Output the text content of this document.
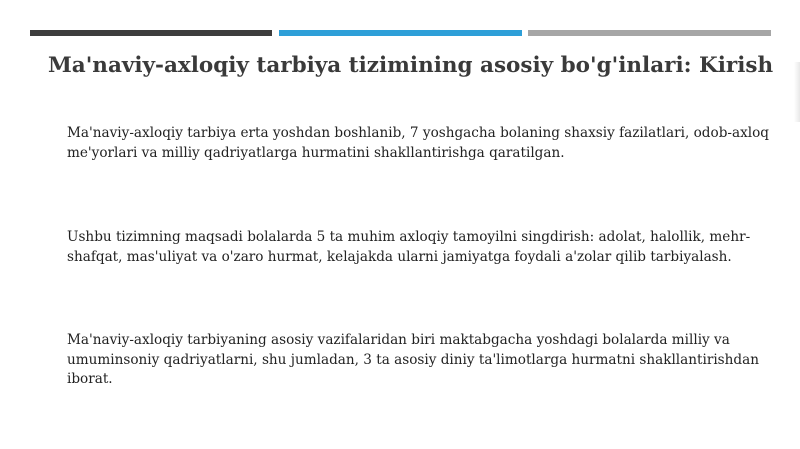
Ma'naviy-axloqiy tarbiya tizimining asosiy bo'g'inlari: Kirish

Ma'naviy-axloqiy tarbiya erta yoshdan boshlanib, 7 yoshgacha bolaning shaxsiy fazilatlari, odob-axloq me'yorlari va milliy qadriyatlarga hurmatini shakllantirishga qaratilgan.

Ushbu tizimning maqsadi bolalarda 5 ta muhim axloqiy tamoyilni singdirish: adolat, halollik, mehr-shafqat, mas'uliyat va o'zaro hurmat, kelajakda ularni jamiyatga foydali a'zolar qilib tarbiyalash.

Ma'naviy-axloqiy tarbiyaning asosiy vazifalaridan biri maktabgacha yoshdagi bolalarda milliy va umuminsoniy qadriyatlarni, shu jumladan, 3 ta asosiy diniy ta'limotlarga hurmatni shakllantirishdan iborat.
